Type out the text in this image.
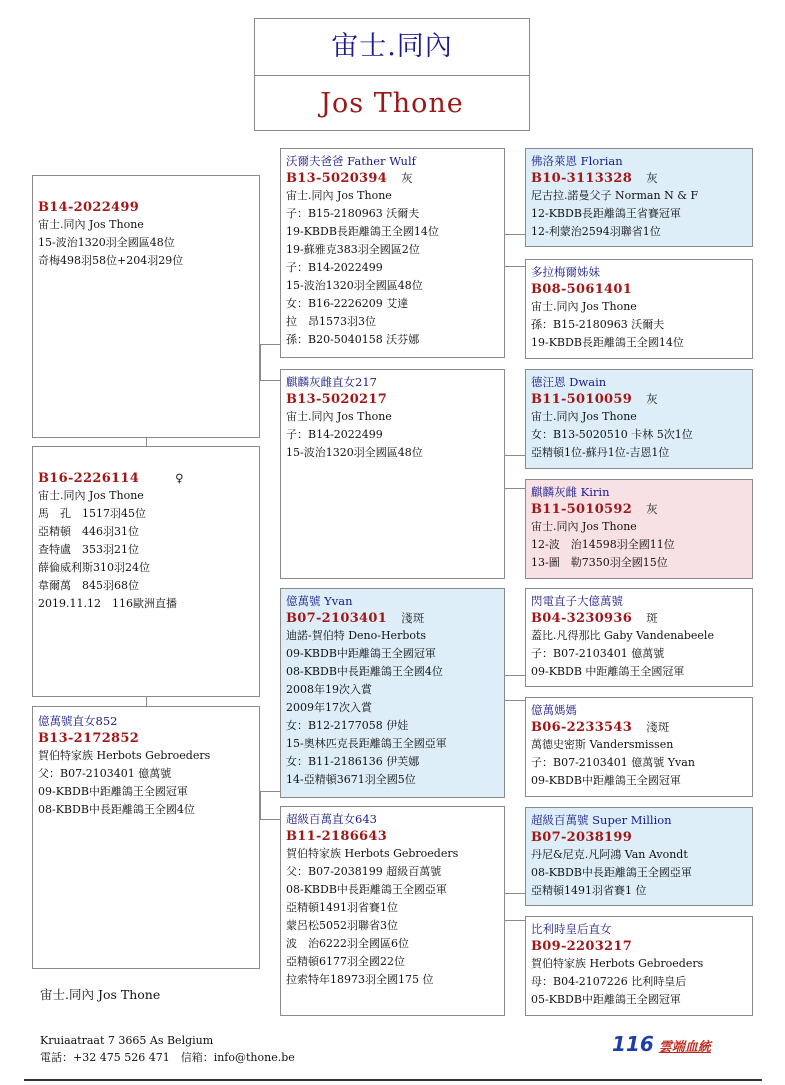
宙士.同內
Jos Thone
B14-2022499
宙士.同內 Jos Thone
15-波治1320羽全國區48位
奇梅498羽58位+204羽29位
B16-2226114	♀
宙士.同內 Jos Thone
馬　孔　1517羽45位
亞精頓　446羽31位
查特盧　353羽21位
薛倫威利斯310羽24位
韋爾萬　845羽68位
2019.11.12　116歐洲直播
億萬號直女852
B13-2172852
賀伯特家族 Herbots Gebroeders
父：B07-2103401 億萬號
09-KBDB中距離鴿王全國冠軍
08-KBDB中長距離鴿王全國4位
沃爾夫爸爸 Father Wulf
B13-5020394 灰
宙士.同內 Jos Thone
子：B15-2180963 沃爾夫
19-KBDB長距離鴿王全國14位
19-蘇雅克383羽全國區2位
子：B14-2022499
15-波治1320羽全國區48位
女：B16-2226209 艾達
拉　昂1573羽3位
孫：B20-5040158 沃芬娜
麒麟灰雌直女217
B13-5020217
宙士.同內 Jos Thone
子：B14-2022499
15-波治1320羽全國區48位
億萬號 Yvan
B07-2103401 淺斑
迪諾-賀伯特 Deno-Herbots
09-KBDB中距離鴿王全國冠軍
08-KBDB中長距離鴿王全國4位
2008年19次入賞
2009年17次入賞
女：B12-2177058 伊娃
15-奧林匹克長距離鴿王全國亞軍
女：B11-2186136 伊芙娜
14-亞精頓3671羽全國5位
超級百萬直女643
B11-2186643
賀伯特家族 Herbots Gebroeders
父：B07-2038199 超級百萬號
08-KBDB中長距離鴿王全國亞軍
亞精頓1491羽省賽1位
蒙呂松5052羽聯省3位
波　治6222羽全國區6位
亞精頓6177羽全國22位
拉索特年18973羽全國175 位
佛洛萊恩 Florian
B10-3113328 灰
尼古拉.諾曼父子 Norman N & F
12-KBDB長距離鴿王省賽冠軍
12-利蒙治2594羽聯省1位
多拉梅爾姊妹
B08-5061401
宙士.同內 Jos Thone
孫：B15-2180963 沃爾夫
19-KBDB長距離鴿王全國14位
德汪恩 Dwain
B11-5010059 灰
宙士.同內 Jos Thone
女：B13-5020510 卡林 5次1位
亞精頓1位-蘇丹1位-吉恩1位
麒麟灰雌 Kirin
B11-5010592 灰
宙士.同內 Jos Thone
12-波　治14598羽全國11位
13-圖　勒7350羽全國15位
閃電直子大億萬號
B04-3230936 斑
蓋比.凡得那比 Gaby Vandenabeele
子：B07-2103401 億萬號
09-KBDB 中距離鴿王全國冠軍
億萬媽媽
B06-2233543 淺斑
萬德史密斯 Vandersmissen
子：B07-2103401 億萬號 Yvan
09-KBDB中距離鴿王全國冠軍
超級百萬號 Super Million
B07-2038199
丹尼&尼克.凡阿鴻 Van Avondt
08-KBDB中長距離鴿王全國亞軍
亞精頓1491羽省賽1 位
比利時皇后直女
B09-2203217
賀伯特家族 Herbots Gebroeders
母：B04-2107226 比利時皇后
05-KBDB中距離鴿王全國冠軍
宙士.同內 Jos Thone
Kruiaatraat 7 3665 As Belgium
電話：+32 475 526 471　信箱：info@thone.be
116 雲端血統
